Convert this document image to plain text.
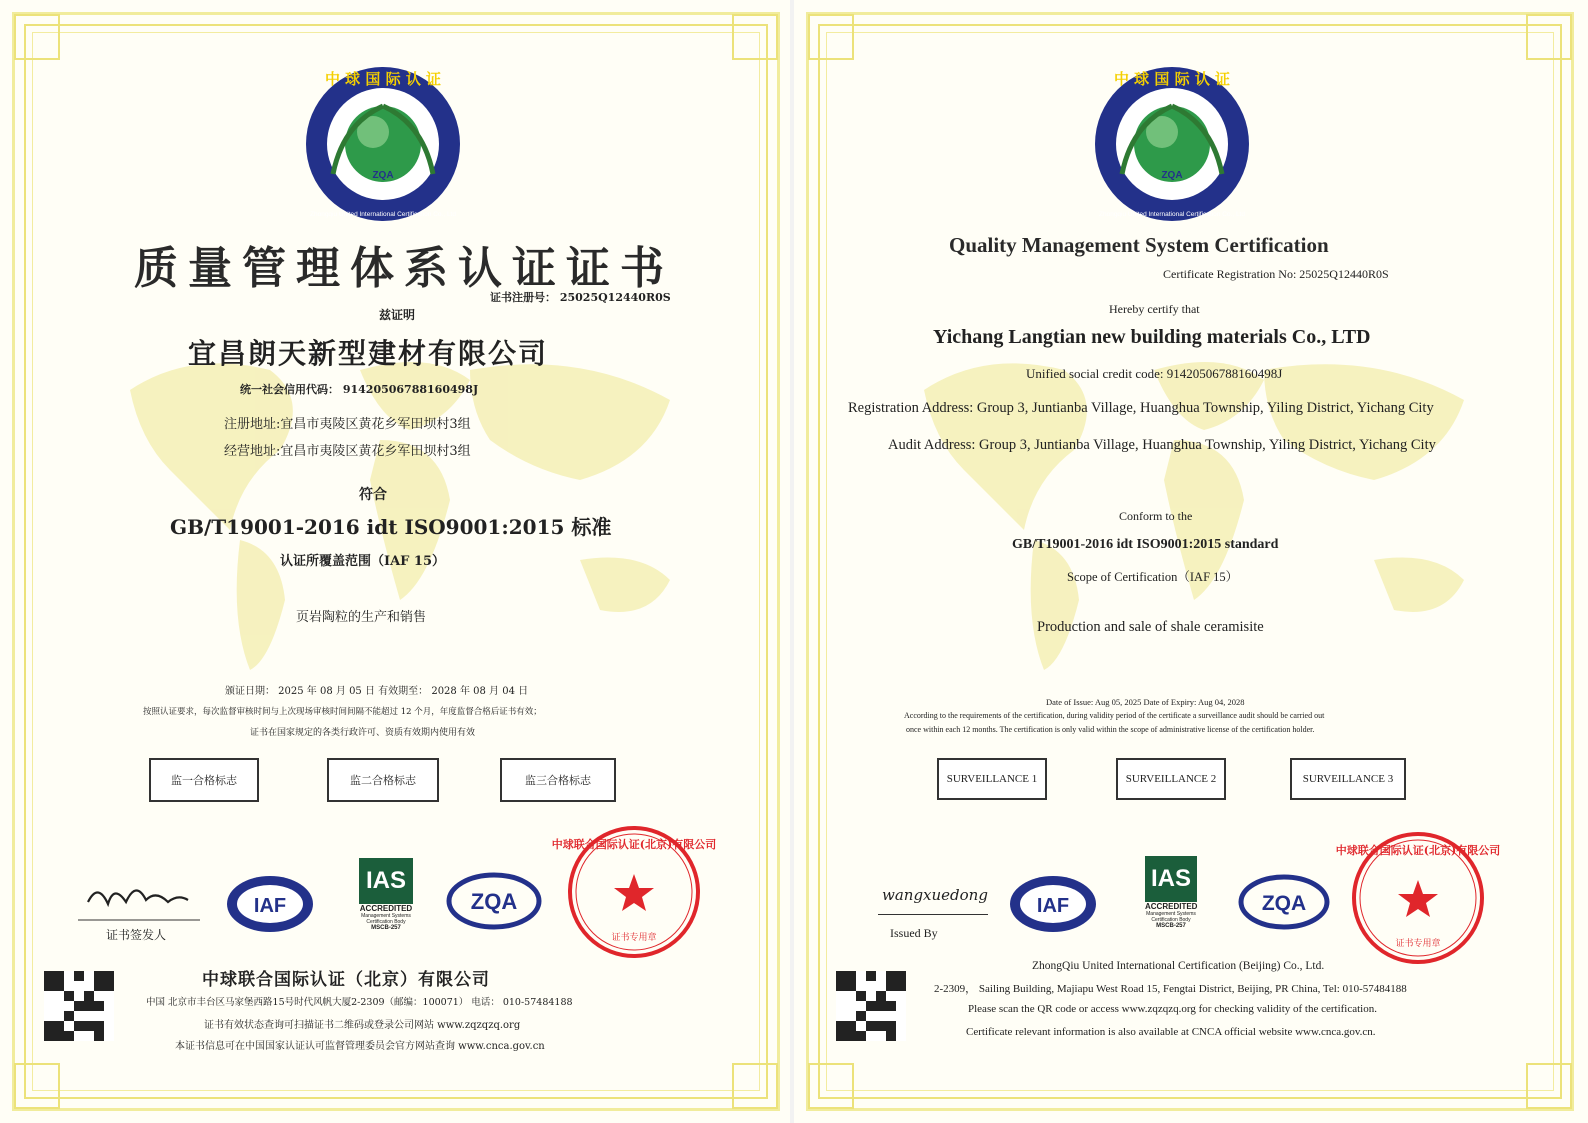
ZQA
中 球 国 际 认 证
Zhongqiu United International Certification Co., Ltd
质量管理体系认证证书
证书注册号： 25025Q12440R0S
兹证明
宜昌朗天新型建材有限公司
统一社会信用代码： 91420506788160498J
注册地址:宜昌市夷陵区黄花乡军田坝村3组
经营地址:宜昌市夷陵区黄花乡军田坝村3组
符合
GB/T19001-2016 idt ISO9001:2015 标准
认证所覆盖范围（IAF 15）
页岩陶粒的生产和销售
颁证日期： 2025 年 08 月 05 日 有效期至： 2028 年 08 月 04 日
按照认证要求，每次监督审核时间与上次现场审核时间间隔不能超过 12 个月，年度监督合格后证书有效；
证书在国家规定的各类行政许可、资质有效期内使用有效
监一合格标志	监二合格标志	监三合格标志
证书签发人
IAF
IAS
ACCREDITED
Management Systems Certification Body
MSCB-257
ZQA
中球联合国际认证(北京)有限公司
证书专用章
中球联合国际认证（北京）有限公司
中国 北京市丰台区马家堡西路15号时代风帆大厦2-2309（邮编：100071） 电话： 010-57484188
证书有效状态查询可扫描证书二维码或登录公司网站 www.zqzqzq.org
本证书信息可在中国国家认证认可监督管理委员会官方网站查询 www.cnca.gov.cn
ZQA
中 球 国 际 认 证
Zhongqiu United International Certification Co., Ltd
Quality Management System Certification
Certificate Registration No: 25025Q12440R0S
Hereby certify that
Yichang Langtian new building materials Co., LTD
Unified social credit code: 91420506788160498J
Registration Address: Group 3, Juntianba Village, Huanghua Township, Yiling District, Yichang City
Audit Address: Group 3, Juntianba Village, Huanghua Township, Yiling District, Yichang City
Conform to the
GB/T19001-2016 idt ISO9001:2015 standard
Scope of Certification（IAF 15）
Production and sale of shale ceramisite
Date of Issue: Aug 05, 2025 Date of Expiry: Aug 04, 2028
According to the requirements of the certification, during validity period of the certificate a surveillance audit should be carried out
once within each 12 months. The certification is only valid within the scope of administrative license of the certification holder.
SURVEILLANCE 1	SURVEILLANCE 2	SURVEILLANCE 3
wangxuedong
Issued By
IAF
IAS
ACCREDITED
Management Systems Certification Body
MSCB-257
ZQA
中球联合国际认证(北京)有限公司
证书专用章
ZhongQiu United International Certification (Beijing) Co., Ltd.
2-2309， Sailing Building, Majiapu West Road 15, Fengtai District, Beijing, PR China, Tel: 010-57484188
Please scan the QR code or access www.zqzqzq.org for checking validity of the certification.
Certificate relevant information is also available at CNCA official website www.cnca.gov.cn.
